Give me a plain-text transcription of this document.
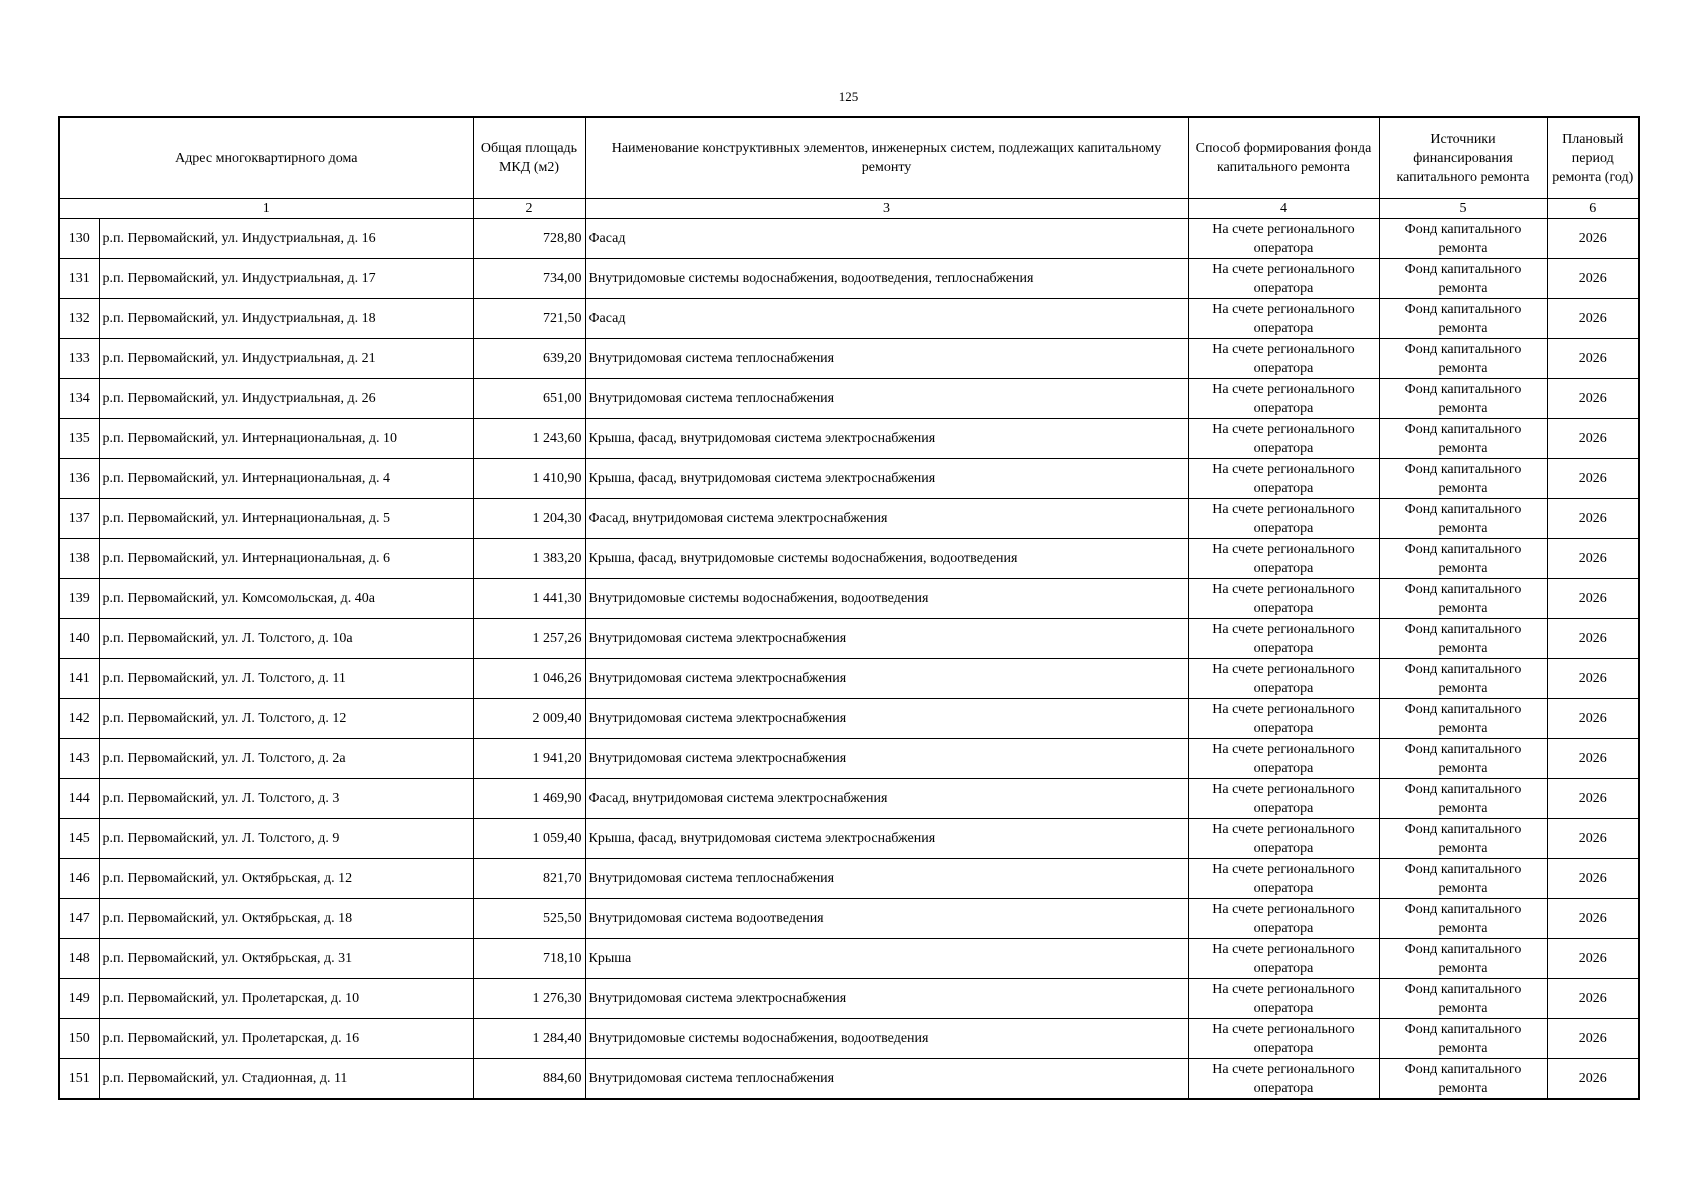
125
Адрес многоквартирного дома		Общая площадь МКД (м2)	Наименование конструктивных элементов, инженерных систем, подлежащих капитальному ремонту	Способ формирования фонда капитального ремонта	Источники финансирования капитального ремонта	Плановый период ремонта (год)
1		2	3	4	5	6
130	р.п. Первомайский, ул. Индустриальная, д. 16	728,80	Фасад	На счете регионального оператора	Фонд капитального ремонта	2026
131	р.п. Первомайский, ул. Индустриальная, д. 17	734,00	Внутридомовые системы водоснабжения, водоотведения, теплоснабжения	На счете регионального оператора	Фонд капитального ремонта	2026
132	р.п. Первомайский, ул. Индустриальная, д. 18	721,50	Фасад	На счете регионального оператора	Фонд капитального ремонта	2026
133	р.п. Первомайский, ул. Индустриальная, д. 21	639,20	Внутридомовая система теплоснабжения	На счете регионального оператора	Фонд капитального ремонта	2026
134	р.п. Первомайский, ул. Индустриальная, д. 26	651,00	Внутридомовая система теплоснабжения	На счете регионального оператора	Фонд капитального ремонта	2026
135	р.п. Первомайский, ул. Интернациональная, д. 10	1 243,60	Крыша, фасад, внутридомовая система электроснабжения	На счете регионального оператора	Фонд капитального ремонта	2026
136	р.п. Первомайский, ул. Интернациональная, д. 4	1 410,90	Крыша, фасад, внутридомовая система электроснабжения	На счете регионального оператора	Фонд капитального ремонта	2026
137	р.п. Первомайский, ул. Интернациональная, д. 5	1 204,30	Фасад, внутридомовая система электроснабжения	На счете регионального оператора	Фонд капитального ремонта	2026
138	р.п. Первомайский, ул. Интернациональная, д. 6	1 383,20	Крыша, фасад, внутридомовые системы водоснабжения, водоотведения	На счете регионального оператора	Фонд капитального ремонта	2026
139	р.п. Первомайский, ул. Комсомольская, д. 40а	1 441,30	Внутридомовые системы водоснабжения, водоотведения	На счете регионального оператора	Фонд капитального ремонта	2026
140	р.п. Первомайский, ул. Л. Толстого, д. 10а	1 257,26	Внутридомовая система электроснабжения	На счете регионального оператора	Фонд капитального ремонта	2026
141	р.п. Первомайский, ул. Л. Толстого, д. 11	1 046,26	Внутридомовая система электроснабжения	На счете регионального оператора	Фонд капитального ремонта	2026
142	р.п. Первомайский, ул. Л. Толстого, д. 12	2 009,40	Внутридомовая система электроснабжения	На счете регионального оператора	Фонд капитального ремонта	2026
143	р.п. Первомайский, ул. Л. Толстого, д. 2а	1 941,20	Внутридомовая система электроснабжения	На счете регионального оператора	Фонд капитального ремонта	2026
144	р.п. Первомайский, ул. Л. Толстого, д. 3	1 469,90	Фасад, внутридомовая система электроснабжения	На счете регионального оператора	Фонд капитального ремонта	2026
145	р.п. Первомайский, ул. Л. Толстого, д. 9	1 059,40	Крыша, фасад, внутридомовая система электроснабжения	На счете регионального оператора	Фонд капитального ремонта	2026
146	р.п. Первомайский, ул. Октябрьская, д. 12	821,70	Внутридомовая система теплоснабжения	На счете регионального оператора	Фонд капитального ремонта	2026
147	р.п. Первомайский, ул. Октябрьская, д. 18	525,50	Внутридомовая система водоотведения	На счете регионального оператора	Фонд капитального ремонта	2026
148	р.п. Первомайский, ул. Октябрьская, д. 31	718,10	Крыша	На счете регионального оператора	Фонд капитального ремонта	2026
149	р.п. Первомайский, ул. Пролетарская, д. 10	1 276,30	Внутридомовая система электроснабжения	На счете регионального оператора	Фонд капитального ремонта	2026
150	р.п. Первомайский, ул. Пролетарская, д. 16	1 284,40	Внутридомовые системы водоснабжения, водоотведения	На счете регионального оператора	Фонд капитального ремонта	2026
151	р.п. Первомайский, ул. Стадионная, д. 11	884,60	Внутридомовая система теплоснабжения	На счете регионального оператора	Фонд капитального ремонта	2026
